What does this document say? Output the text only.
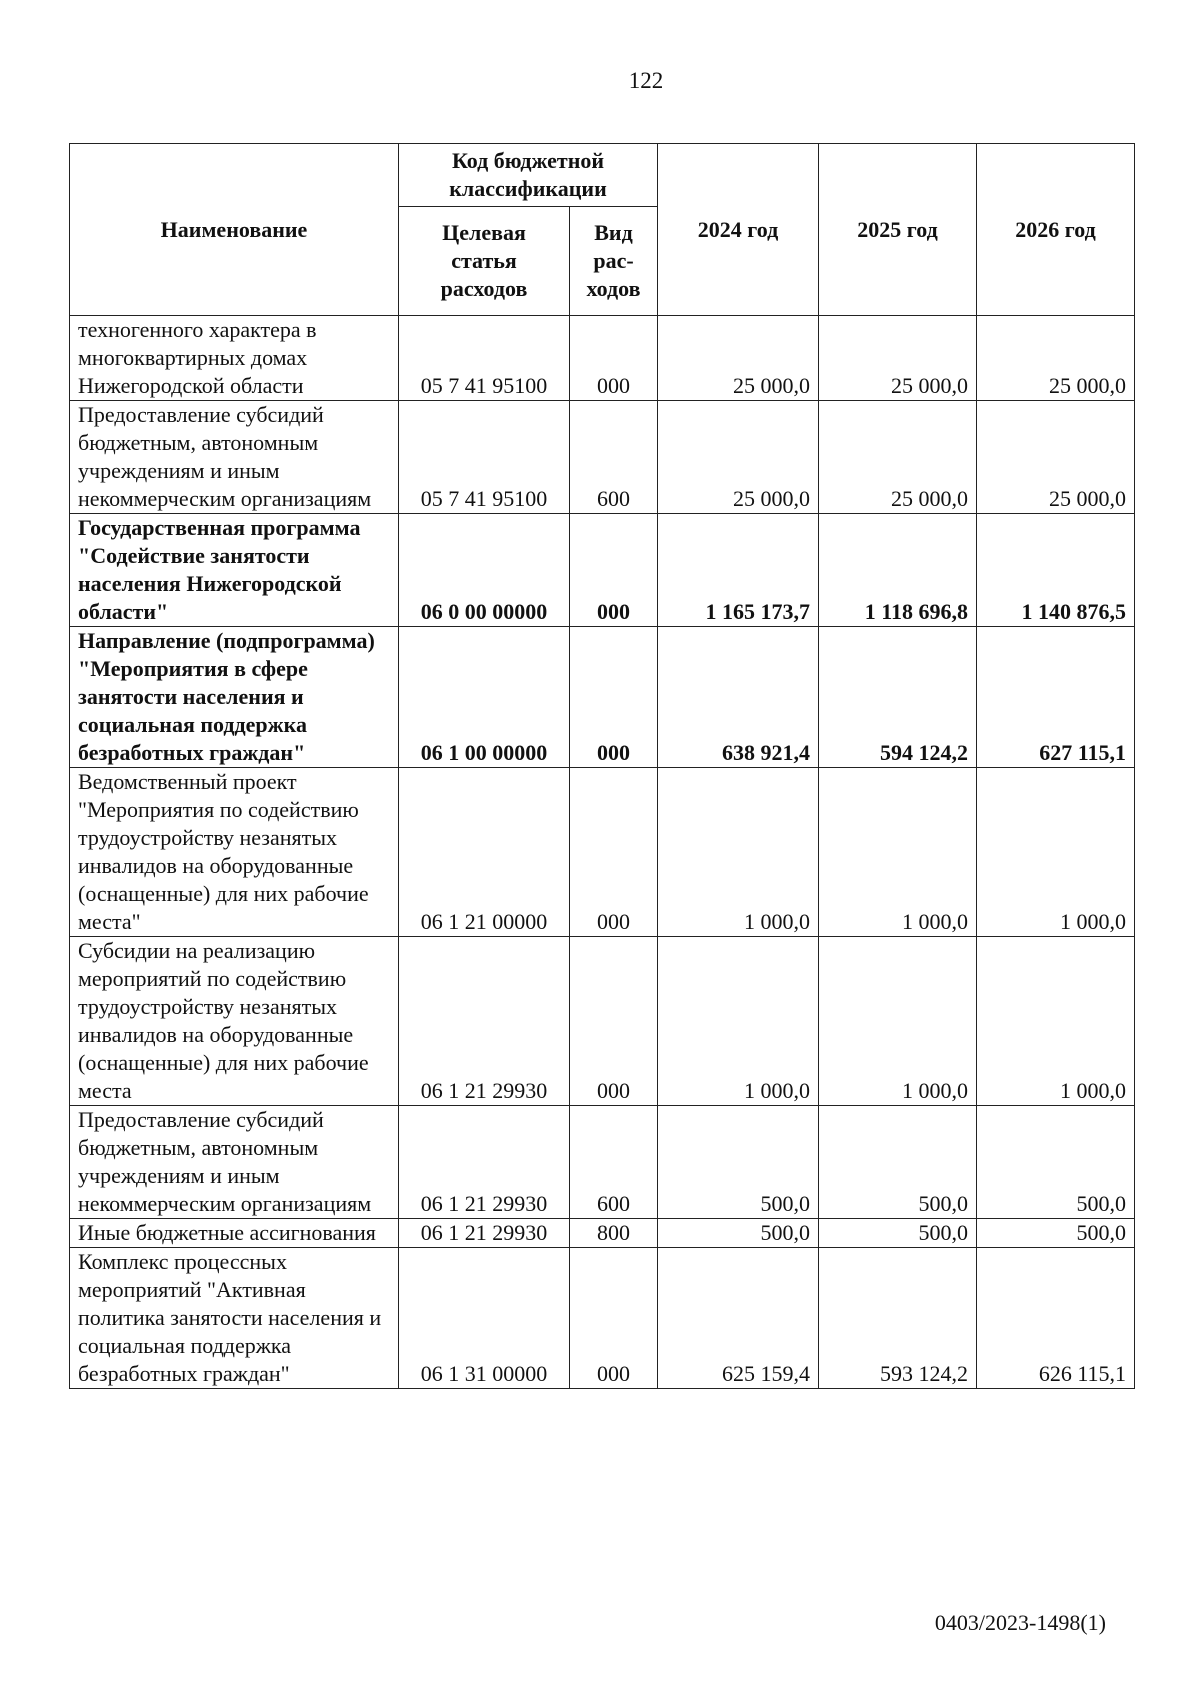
122
Наименование	Код бюджетной классификации		2024 год	2025 год	2026 год
	Целевая статья расходов	Вид рас-ходов			
техногенного характера в многоквартирных домах Нижегородской области	05 7 41 95100	000	25 000,0	25 000,0	25 000,0
Предоставление субсидий бюджетным, автономным учреждениям и иным некоммерческим организациям	05 7 41 95100	600	25 000,0	25 000,0	25 000,0
Государственная программа "Содействие занятости населения Нижегородской области"	06 0 00 00000	000	1 165 173,7	1 118 696,8	1 140 876,5
Направление (подпрограмма) "Мероприятия в сфере занятости населения и социальная поддержка безработных граждан"	06 1 00 00000	000	638 921,4	594 124,2	627 115,1
Ведомственный проект "Мероприятия по содействию трудоустройству незанятых инвалидов на оборудованные (оснащенные) для них рабочие места"	06 1 21 00000	000	1 000,0	1 000,0	1 000,0
Субсидии на реализацию мероприятий по содействию трудоустройству незанятых инвалидов на оборудованные (оснащенные) для них рабочие места	06 1 21 29930	000	1 000,0	1 000,0	1 000,0
Предоставление субсидий бюджетным, автономным учреждениям и иным некоммерческим организациям	06 1 21 29930	600	500,0	500,0	500,0
Иные бюджетные ассигнования	06 1 21 29930	800	500,0	500,0	500,0
Комплекс процессных мероприятий "Активная политика занятости населения и социальная поддержка безработных граждан"	06 1 31 00000	000	625 159,4	593 124,2	626 115,1
0403/2023-1498(1)
